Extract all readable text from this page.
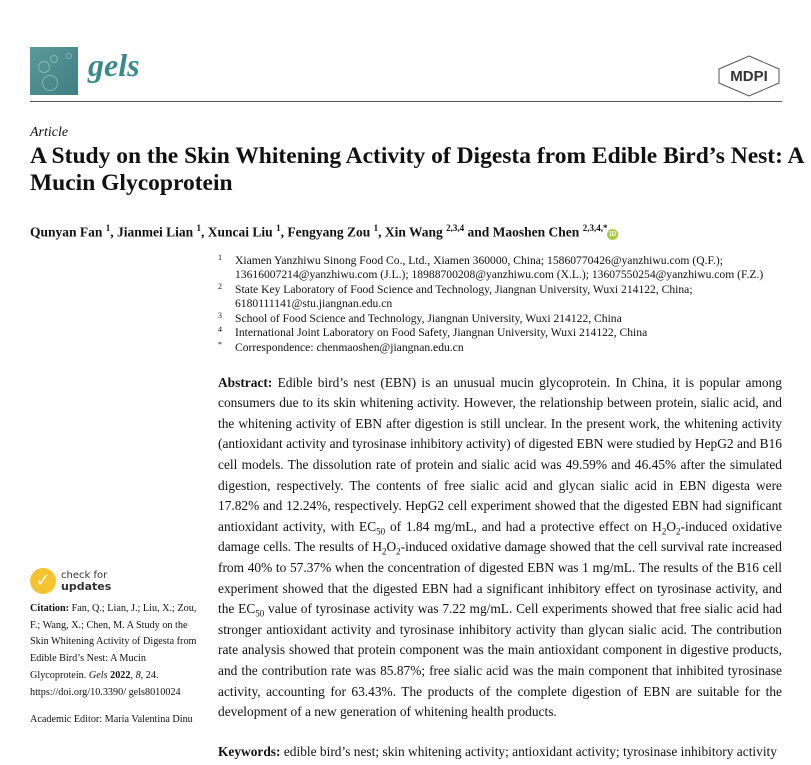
gels	MDPI
Article
A Study on the Skin Whitening Activity of Digesta from Edible Bird’s Nest: A Mucin Glycoprotein
Qunyan Fan $^1$, Jianmei Lian $^1$, Xuncai Liu $^1$, Fengyang Zou $^1$, Xin Wang $^{2,3,4}$ and Maoshen Chen $^{2,3,4,*}$iD
1 Xiamen Yanzhiwu Sinong Food Co., Ltd., Xiamen 360000, China; 15860770426@yanzhiwu.com (Q.F.); 13616007214@yanzhiwu.com (J.L.); 18988700208@yanzhiwu.com (X.L.); 13607550254@yanzhiwu.com (F.Z.)
2 State Key Laboratory of Food Science and Technology, Jiangnan University, Wuxi 214122, China; 6180111141@stu.jiangnan.edu.cn
3 School of Food Science and Technology, Jiangnan University, Wuxi 214122, China
4 International Joint Laboratory on Food Safety, Jiangnan University, Wuxi 214122, China
* Correspondence: chenmaoshen@jiangnan.edu.cn
Abstract: Edible bird’s nest (EBN) is an unusual mucin glycoprotein. In China, it is popular among consumers due to its skin whitening activity. However, the relationship between protein, sialic acid, and the whitening activity of EBN after digestion is still unclear. In the present work, the whitening activity (antioxidant activity and tyrosinase inhibitory activity) of digested EBN were studied by HepG2 and B16 cell models. The dissolution rate of protein and sialic acid was 49.59% and 46.45% after the simulated digestion, respectively. The contents of free sialic acid and glycan sialic acid in EBN digesta were 17.82% and 12.24%, respectively. HepG2 cell experiment showed that the digested EBN had significant antioxidant activity, with $EC_{50}$ of 1.84 mg/mL, and had a protective effect on $H_2O_2$-induced oxidative damage cells. The results of $H_2O_2$-induced oxidative damage showed that the cell survival rate increased from 40% to 57.37% when the concentration of digested EBN was 1 mg/mL. The results of the B16 cell experiment showed that the digested EBN had a significant inhibitory effect on tyrosinase activity, and the $EC_{50}$ value of tyrosinase activity was 7.22 mg/mL. Cell experiments showed that free sialic acid had stronger antioxidant activity and tyrosinase inhibitory activity than glycan sialic acid. The contribution rate analysis showed that protein component was the main antioxidant component in digestive products, and the contribution rate was 85.87%; free sialic acid was the main component that inhibited tyrosinase activity, accounting for 63.43%. The products of the complete digestion of EBN are suitable for the development of a new generation of whitening health products.
Keywords: edible bird’s nest; skin whitening activity; antioxidant activity; tyrosinase inhibitory activity
✓	check for
updates
Citation: Fan, Q.; Lian, J.; Liu, X.; Zou, F.; Wang, X.; Chen, M. A Study on the Skin Whitening Activity of Digesta from Edible Bird’s Nest: A Mucin Glycoprotein. Gels 2022, 8, 24. https://doi.org/10.3390/ gels8010024
Academic Editor: Maria Valentina Dinu
